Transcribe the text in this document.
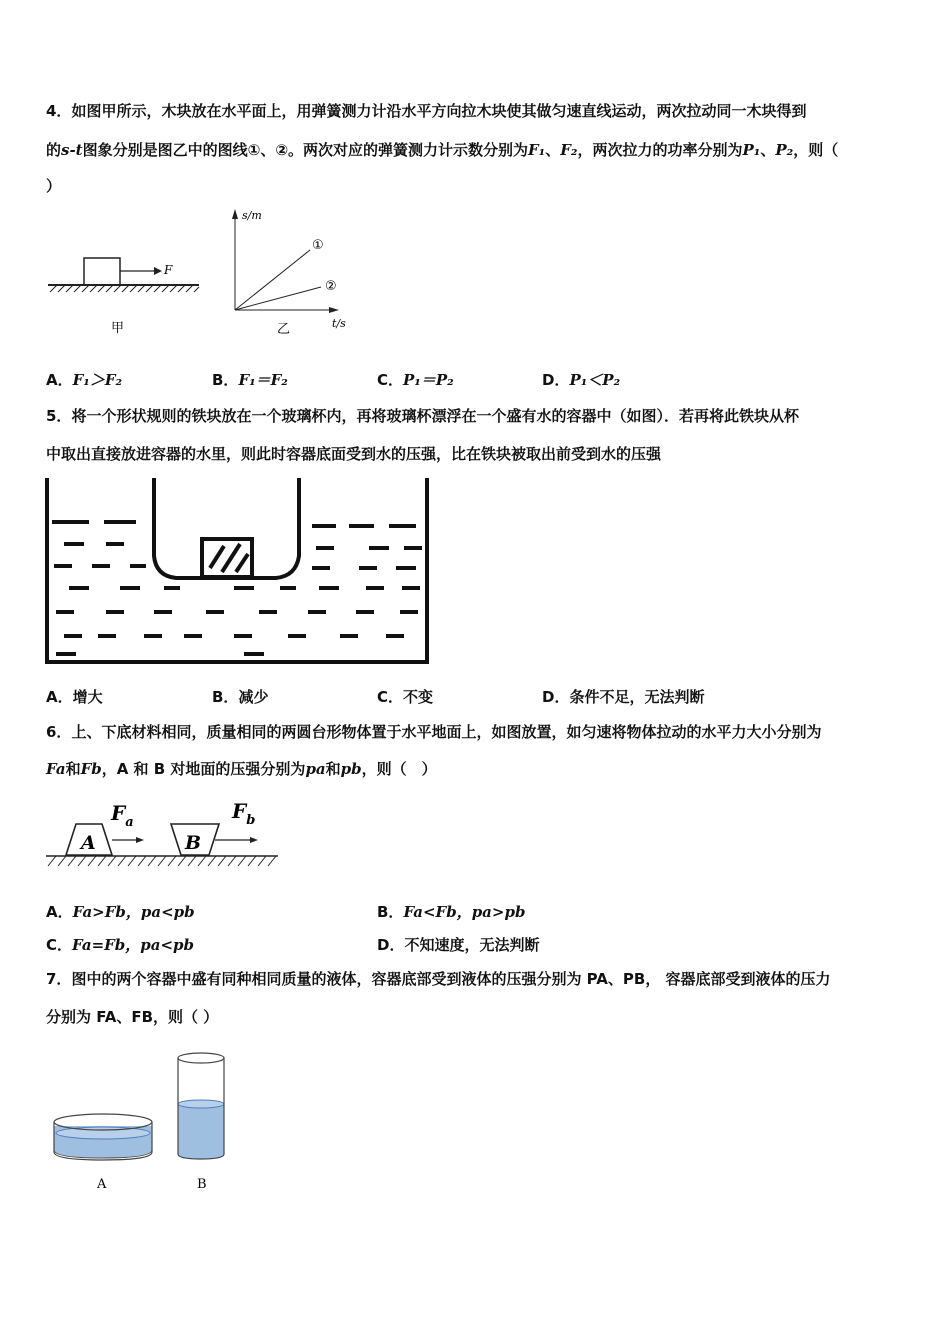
4．如图甲所示，木块放在水平面上，用弹簧测力计沿水平方向拉木块使其做匀速直线运动，两次拉动同一木块得到
的s-t图象分别是图乙中的图线①、②。两次对应的弹簧测力计示数分别为F₁、F₂，两次拉力的功率分别为P₁、P₂，则（
）
F
甲
s/m
t/s
①
②
乙
A．F₁＞F₂	B．F₁＝F₂	C．P₁＝P₂	D．P₁＜P₂
5．将一个形状规则的铁块放在一个玻璃杯内，再将玻璃杯漂浮在一个盛有水的容器中（如图）．若再将此铁块从杯
中取出直接放进容器的水里，则此时容器底面受到水的压强，比在铁块被取出前受到水的压强
A．增大	B．减少	C．不变	D．条件不足，无法判断
6．上、下底材料相同，质量相同的两圆台形物体置于水平地面上，如图放置，如匀速将物体拉动的水平力大小分别为
Fa和Fb，A 和 B 对地面的压强分别为pa和pb，则（　）
A
$F_a$
B
$F_b$
A．Fa>Fb，pa<pb	B．Fa<Fb，pa>pb
C．Fa=Fb，pa<pb	D．不知速度，无法判断
7．图中的两个容器中盛有同种相同质量的液体，容器底部受到液体的压强分别为 PA、PB， 容器底部受到液体的压力
分别为 FA、FB，则（ ）
A	B
